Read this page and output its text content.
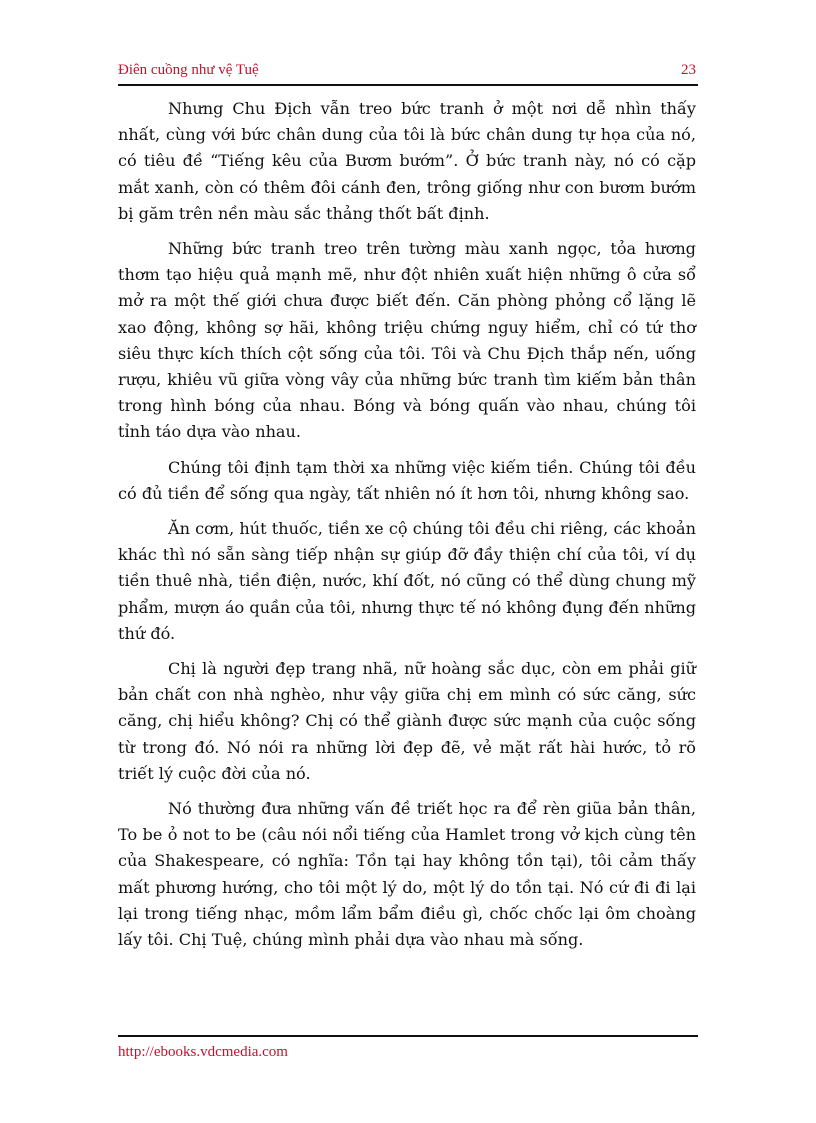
Điên cuồng như vệ Tuệ	23

Nhưng Chu Địch vẫn treo bức tranh ở một nơi dễ nhìn thấy nhất, cùng với bức chân dung của tôi là bức chân dung tự họa của nó, có tiêu đề “Tiếng kêu của Bươm bướm”. Ở bức tranh này, nó có cặp mắt xanh, còn có thêm đôi cánh đen, trông giống như con bươm bướm bị găm trên nền màu sắc thảng thốt bất định.

Những bức tranh treo trên tường màu xanh ngọc, tỏa hương thơm tạo hiệu quả mạnh mẽ, như đột nhiên xuất hiện những ô cửa sổ mở ra một thế giới chưa được biết đến. Căn phòng phỏng cổ lặng lẽ xao động, không sợ hãi, không triệu chứng nguy hiểm, chỉ có tứ thơ siêu thực kích thích cột sống của tôi. Tôi và Chu Địch thắp nến, uống rượu, khiêu vũ giữa vòng vây của những bức tranh tìm kiếm bản thân trong hình bóng của nhau. Bóng và bóng quấn vào nhau, chúng tôi tỉnh táo dựa vào nhau.

Chúng tôi định tạm thời xa những việc kiếm tiền. Chúng tôi đều có đủ tiền để sống qua ngày, tất nhiên nó ít hơn tôi, nhưng không sao.

Ăn cơm, hút thuốc, tiền xe cộ chúng tôi đều chi riêng, các khoản khác thì nó sẵn sàng tiếp nhận sự giúp đỡ đầy thiện chí của tôi, ví dụ tiền thuê nhà, tiền điện, nước, khí đốt, nó cũng có thể dùng chung mỹ phẩm, mượn áo quần của tôi, nhưng thực tế nó không đụng đến những thứ đó.

Chị là người đẹp trang nhã, nữ hoàng sắc dục, còn em phải giữ bản chất con nhà nghèo, như vậy giữa chị em mình có sức căng, sức căng, chị hiểu không? Chị có thể giành được sức mạnh của cuộc sống từ trong đó. Nó nói ra những lời đẹp đẽ, vẻ mặt rất hài hước, tỏ rõ triết lý cuộc đời của nó.

Nó thường đưa những vấn đề triết học ra để rèn giũa bản thân, To be ỏ not to be (câu nói nổi tiếng của Hamlet trong vở kịch cùng tên của Shakespeare, có nghĩa: Tồn tại hay không tồn tại), tôi cảm thấy mất phương hướng, cho tôi một lý do, một lý do tồn tại. Nó cứ đi đi lại lại trong tiếng nhạc, mồm lẩm bẩm điều gì, chốc chốc lại ôm choàng lấy tôi. Chị Tuệ, chúng mình phải dựa vào nhau mà sống.

http://ebooks.vdcmedia.com
